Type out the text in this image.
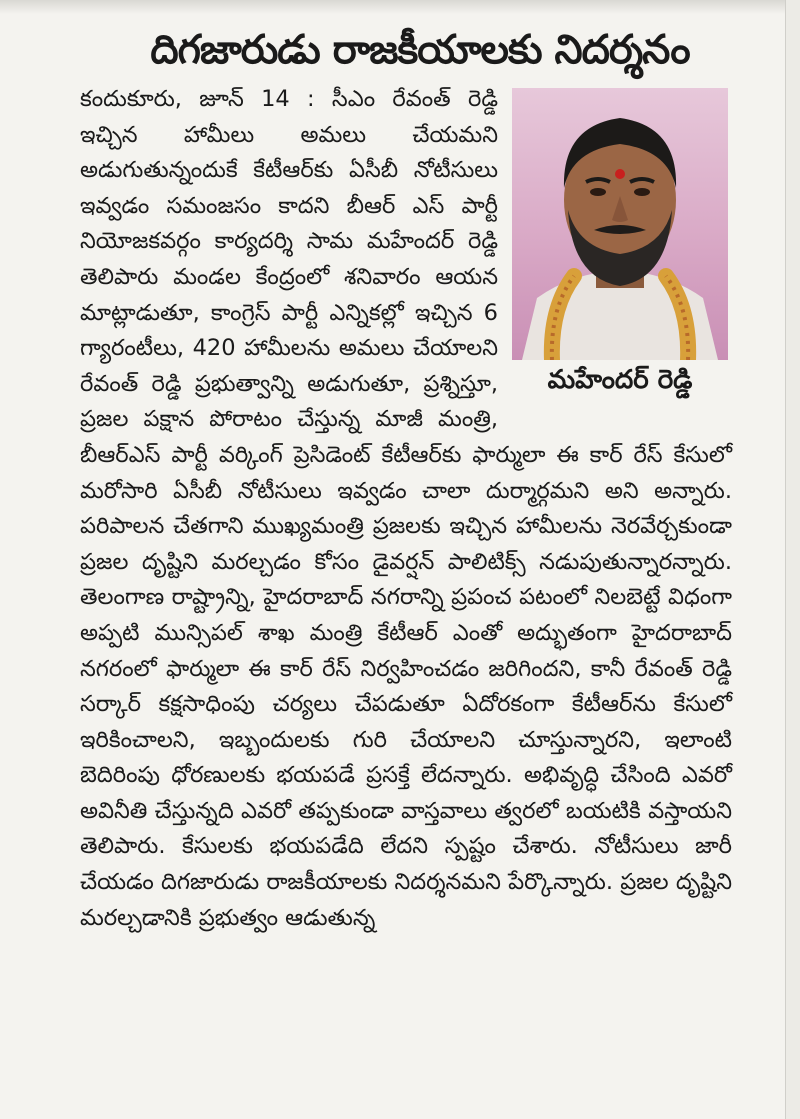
దిగజారుడు రాజకీయాలకు నిదర్శనం

కందుకూరు, జూన్ 14 : సీఎం రేవంత్ రెడ్డి ఇచ్చిన హామీలు అమలు చేయమని అడుగుతున్నందుకే కేటీఆర్‌కు ఏసీబీ నోటీసులు ఇవ్వడం సమంజసం కాదని బీఆర్ ఎస్ పార్టీ నియోజకవర్గం కార్యదర్శి సామ మహేందర్ రెడ్డి తెలిపారు మండల కేంద్రంలో శనివారం ఆయన మాట్లాడుతూ, కాంగ్రెస్ పార్టీ ఎన్నికల్లో ఇచ్చిన 6 గ్యారంటీలు, 420 హామీలను అమలు చేయాలని రేవంత్ రెడ్డి ప్రభుత్వాన్ని అడుగుతూ, ప్రశ్నిస్తూ, ప్రజల పక్షాన పోరాటం చేస్తున్న మాజీ మంత్రి, బీఆర్ఎస్ పార్టీ వర్కింగ్ ప్రెసిడెంట్ కేటీఆర్‌కు ఫార్ములా ఈ కార్ రేస్ కేసులో మరోసారి ఏసీబీ నోటీసులు ఇవ్వడం చాలా దుర్మార్గమని అని అన్నారు. పరిపాలన చేతగాని ముఖ్యమంత్రి ప్రజలకు ఇచ్చిన హామీలను నెరవేర్చకుండా ప్రజల దృష్టిని మరల్చడం కోసం డైవర్షన్ పాలిటిక్స్ నడుపుతున్నారన్నారు. తెలంగాణ రాష్ట్రాన్ని, హైదరాబాద్ నగరాన్ని ప్రపంచ పటంలో నిలబెట్టే విధంగా అప్పటి మున్సిపల్ శాఖ మంత్రి కేటీఆర్ ఎంతో అద్భుతంగా హైదరాబాద్ నగరంలో ఫార్ములా ఈ కార్ రేస్ నిర్వహించడం జరిగిందని, కానీ రేవంత్ రెడ్డి సర్కార్ కక్షసాధింపు చర్యలు చేపడుతూ ఏదోరకంగా కేటీఆర్‌ను కేసులో ఇరికించాలని, ఇబ్బందులకు గురి చేయాలని చూస్తున్నారని, ఇలాంటి బెదిరింపు ధోరణులకు భయపడే ప్రసక్తే లేదన్నారు. అభివృద్ధి చేసింది ఎవరో అవినీతి చేస్తున్నది ఎవరో తప్పకుండా వాస్తవాలు త్వరలో బయటికి వస్తాయని తెలిపారు. కేసులకు భయపడేది లేదని స్పష్టం చేశారు. నోటీసులు జారీ చేయడం దిగజారుడు రాజకీయాలకు నిదర్శనమని పేర్కొన్నారు. ప్రజల దృష్టిని మరల్చడానికి ప్రభుత్వం ఆడుతున్న

మహేందర్ రెడ్డి
